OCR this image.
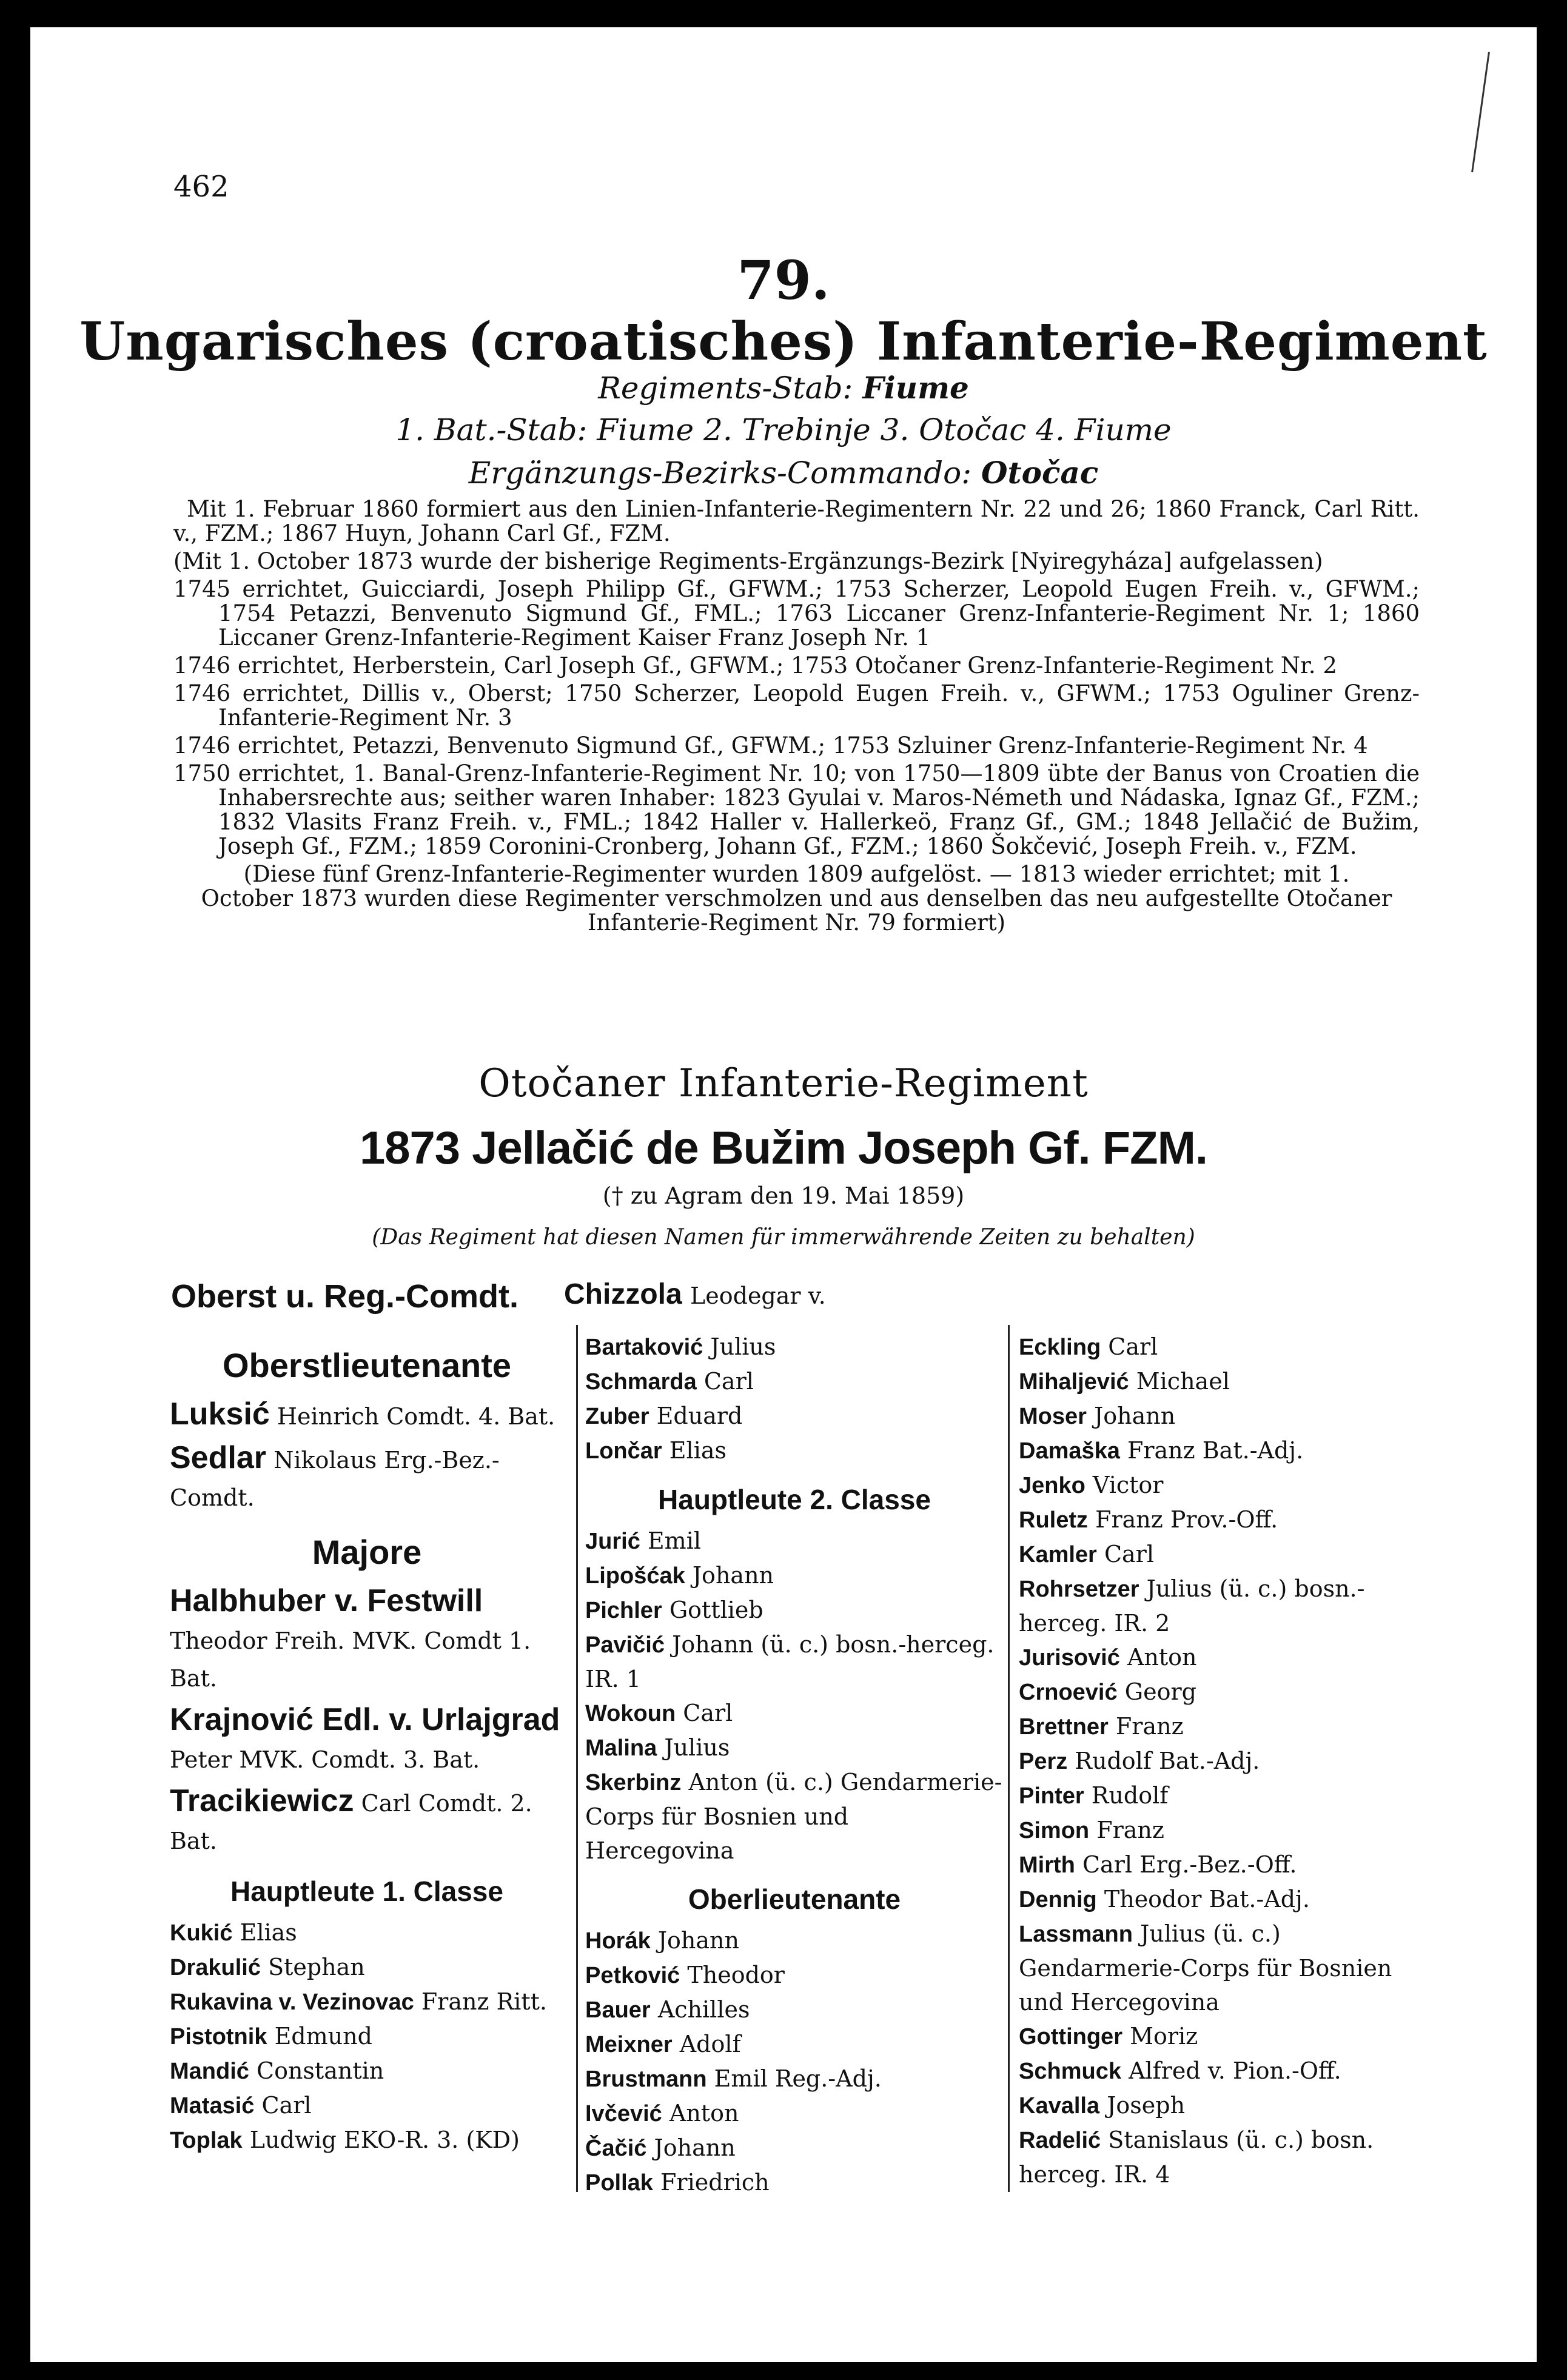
462
79.
Ungarisches (croatisches) Infanterie-Regiment
Regiments-Stab: Fiume
1. Bat.-Stab: Fiume 2. Trebinje 3. Otočac 4. Fiume
Ergänzungs-Bezirks-Commando: Otočac

Mit 1. Februar 1860 formiert aus den Linien-Infanterie-Regimentern Nr. 22 und 26; 1860 Franck, Carl Ritt. v., FZM.; 1867 Huyn, Johann Carl Gf., FZM.

(Mit 1. October 1873 wurde der bisherige Regiments-Ergänzungs-Bezirk [Nyiregyháza] aufgelassen)

1745 errichtet, Guicciardi, Joseph Philipp Gf., GFWM.; 1753 Scherzer, Leopold Eugen Freih. v., GFWM.; 1754 Petazzi, Benvenuto Sigmund Gf., FML.; 1763 Liccaner Grenz-Infanterie-Regiment Nr. 1; 1860 Liccaner Grenz-Infanterie-Regiment Kaiser Franz Joseph Nr. 1

1746 errichtet, Herberstein, Carl Joseph Gf., GFWM.; 1753 Otočaner Grenz-Infanterie-Regiment Nr. 2

1746 errichtet, Dillis v., Oberst; 1750 Scherzer, Leopold Eugen Freih. v., GFWM.; 1753 Oguliner Grenz-Infanterie-Regiment Nr. 3

1746 errichtet, Petazzi, Benvenuto Sigmund Gf., GFWM.; 1753 Szluiner Grenz-Infanterie-Regiment Nr. 4

1750 errichtet, 1. Banal-Grenz-Infanterie-Regiment Nr. 10; von 1750—1809 übte der Banus von Croatien die Inhabersrechte aus; seither waren Inhaber: 1823 Gyulai v. Maros-Németh und Nádaska, Ignaz Gf., FZM.; 1832 Vlasits Franz Freih. v., FML.; 1842 Haller v. Hallerkeö, Franz Gf., GM.; 1848 Jellačić de Bužim, Joseph Gf., FZM.; 1859 Coronini-Cronberg, Johann Gf., FZM.; 1860 Šokčević, Joseph Freih. v., FZM.

(Diese fünf Grenz-Infanterie-Regimenter wurden 1809 aufgelöst. — 1813 wieder errichtet; mit 1. October 1873 wurden diese Regimenter verschmolzen und aus denselben das neu aufgestellte Otočaner Infanterie-Regiment Nr. 79 formiert)

Otočaner Infanterie-Regiment
1873 Jellačić de Bužim Joseph Gf. FZM.
(† zu Agram den 19. Mai 1859)
(Das Regiment hat diesen Namen für immerwährende Zeiten zu behalten)
Oberst u. Reg.-Comdt. Chizzola Leodegar v.
Oberstlieutenante
Luksić Heinrich Comdt. 4. Bat.
Sedlar Nikolaus Erg.-Bez.-Comdt.
Majore
Halbhuber v. Festwill Theodor Freih. MVK. Comdt 1. Bat.
Krajnović Edl. v. Urlajgrad Peter MVK. Comdt. 3. Bat.
Tracikiewicz Carl Comdt. 2. Bat.
Hauptleute 1. Classe
Kukić Elias
Drakulić Stephan
Rukavina v. Vezinovac Franz Ritt.
Pistotnik Edmund
Mandić Constantin
Matasić Carl
Toplak Ludwig EKO-R. 3. (KD)
Bartaković Julius
Schmarda Carl
Zuber Eduard
Lončar Elias
Hauptleute 2. Classe
Jurić Emil
Lipošćak Johann
Pichler Gottlieb
Pavičić Johann (ü. c.) bosn.-herceg. IR. 1
Wokoun Carl
Malina Julius
Skerbinz Anton (ü. c.) Gendarmerie-Corps für Bosnien und Hercegovina
Oberlieutenante
Horák Johann
Petković Theodor
Bauer Achilles
Meixner Adolf
Brustmann Emil Reg.-Adj.
Ivčević Anton
Čačić Johann
Pollak Friedrich
Eckling Carl
Mihaljević Michael
Moser Johann
Damaška Franz Bat.-Adj.
Jenko Victor
Ruletz Franz Prov.-Off.
Kamler Carl
Rohrsetzer Julius (ü. c.) bosn.-herceg. IR. 2
Jurisović Anton
Crnoević Georg
Brettner Franz
Perz Rudolf Bat.-Adj.
Pinter Rudolf
Simon Franz
Mirth Carl Erg.-Bez.-Off.
Dennig Theodor Bat.-Adj.
Lassmann Julius (ü. c.) Gendarmerie-Corps für Bosnien und Hercegovina
Gottinger Moriz
Schmuck Alfred v. Pion.-Off.
Kavalla Joseph
Radelić Stanislaus (ü. c.) bosn. herceg. IR. 4
